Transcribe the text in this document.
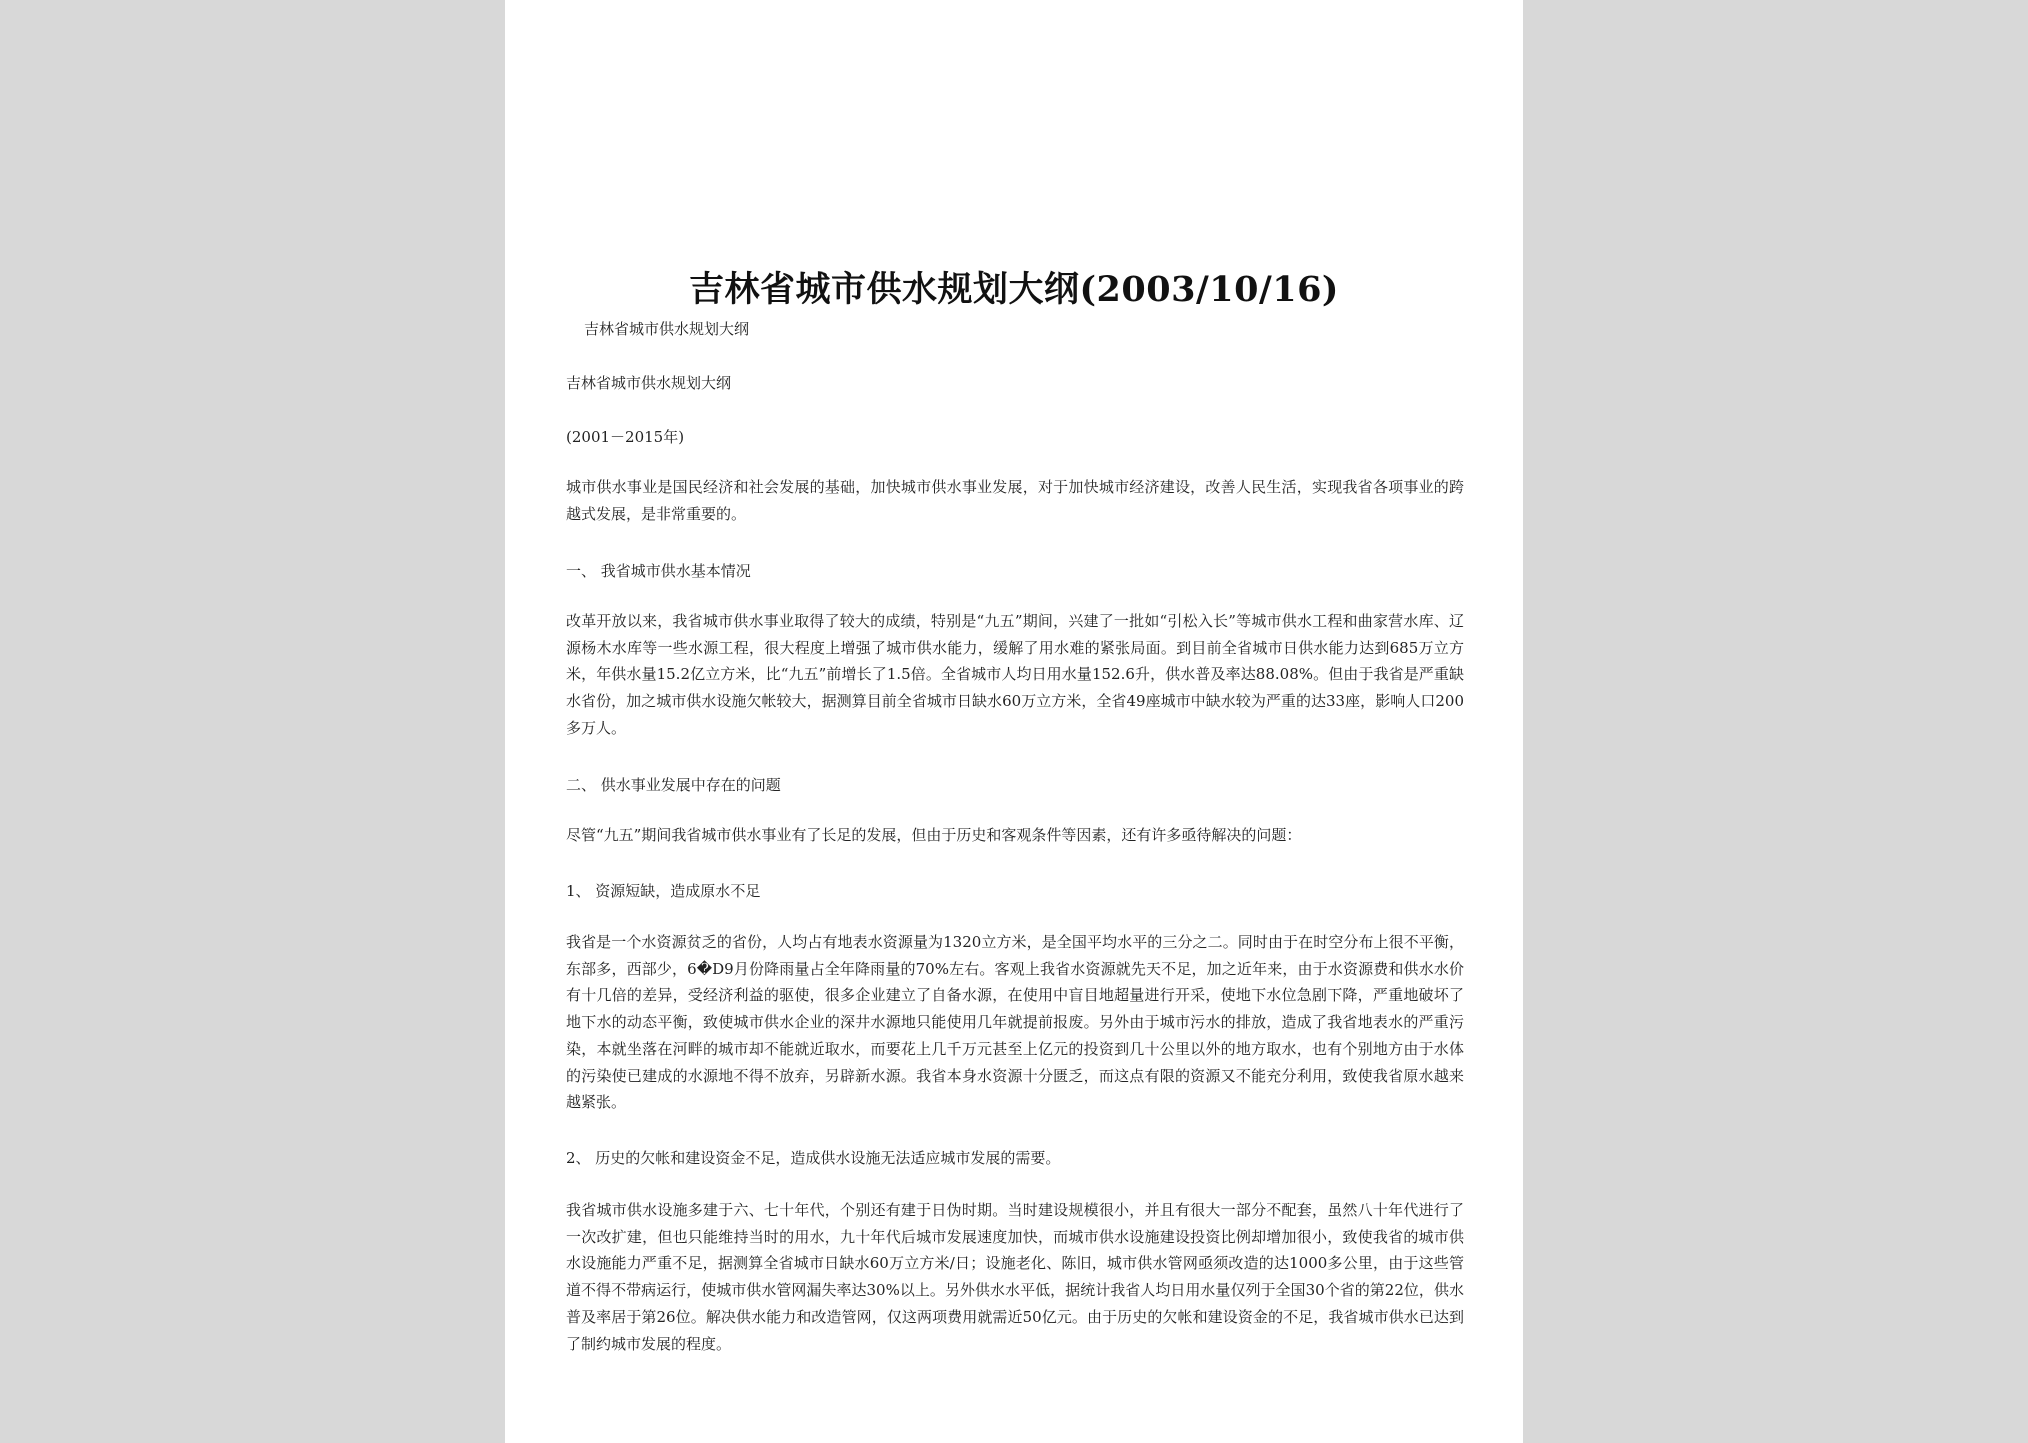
吉林省城市供水规划大纲(2003/10/16)
吉林省城市供水规划大纲
吉林省城市供水规划大纲
(2001－2015年)
城市供水事业是国民经济和社会发展的基础，加快城市供水事业发展，对于加快城市经济建设，改善人民生活，实现我省各项事业的跨越式发展，是非常重要的。
一、 我省城市供水基本情况
改革开放以来，我省城市供水事业取得了较大的成绩，特别是“九五”期间，兴建了一批如“引松入长”等城市供水工程和曲家营水库、辽源杨木水库等一些水源工程，很大程度上增强了城市供水能力，缓解了用水难的紧张局面。到目前全省城市日供水能力达到685万立方米，年供水量15.2亿立方米，比“九五”前增长了1.5倍。全省城市人均日用水量152.6升，供水普及率达88.08%。但由于我省是严重缺水省份，加之城市供水设施欠帐较大，据测算目前全省城市日缺水60万立方米，全省49座城市中缺水较为严重的达33座，影响人口200多万人。
二、 供水事业发展中存在的问题
尽管“九五”期间我省城市供水事业有了长足的发展，但由于历史和客观条件等因素，还有许多亟待解决的问题：
1、 资源短缺，造成原水不足
我省是一个水资源贫乏的省份，人均占有地表水资源量为1320立方米，是全国平均水平的三分之二。同时由于在时空分布上很不平衡，东部多，西部少，6�D9月份降雨量占全年降雨量的70%左右。客观上我省水资源就先天不足，加之近年来，由于水资源费和供水水价有十几倍的差异，受经济利益的驱使，很多企业建立了自备水源，在使用中盲目地超量进行开采，使地下水位急剧下降，严重地破坏了地下水的动态平衡，致使城市供水企业的深井水源地只能使用几年就提前报废。另外由于城市污水的排放，造成了我省地表水的严重污染，本就坐落在河畔的城市却不能就近取水，而要花上几千万元甚至上亿元的投资到几十公里以外的地方取水，也有个别地方由于水体的污染使已建成的水源地不得不放弃，另辟新水源。我省本身水资源十分匮乏，而这点有限的资源又不能充分利用，致使我省原水越来越紧张。
2、 历史的欠帐和建设资金不足，造成供水设施无法适应城市发展的需要。
我省城市供水设施多建于六、七十年代，个别还有建于日伪时期。当时建设规模很小，并且有很大一部分不配套，虽然八十年代进行了一次改扩建，但也只能维持当时的用水，九十年代后城市发展速度加快，而城市供水设施建设投资比例却增加很小，致使我省的城市供水设施能力严重不足，据测算全省城市日缺水60万立方米/日；设施老化、陈旧，城市供水管网亟须改造的达1000多公里，由于这些管道不得不带病运行，使城市供水管网漏失率达30%以上。另外供水水平低，据统计我省人均日用水量仅列于全国30个省的第22位，供水普及率居于第26位。解决供水能力和改造管网，仅这两项费用就需近50亿元。由于历史的欠帐和建设资金的不足，我省城市供水已达到了制约城市发展的程度。
